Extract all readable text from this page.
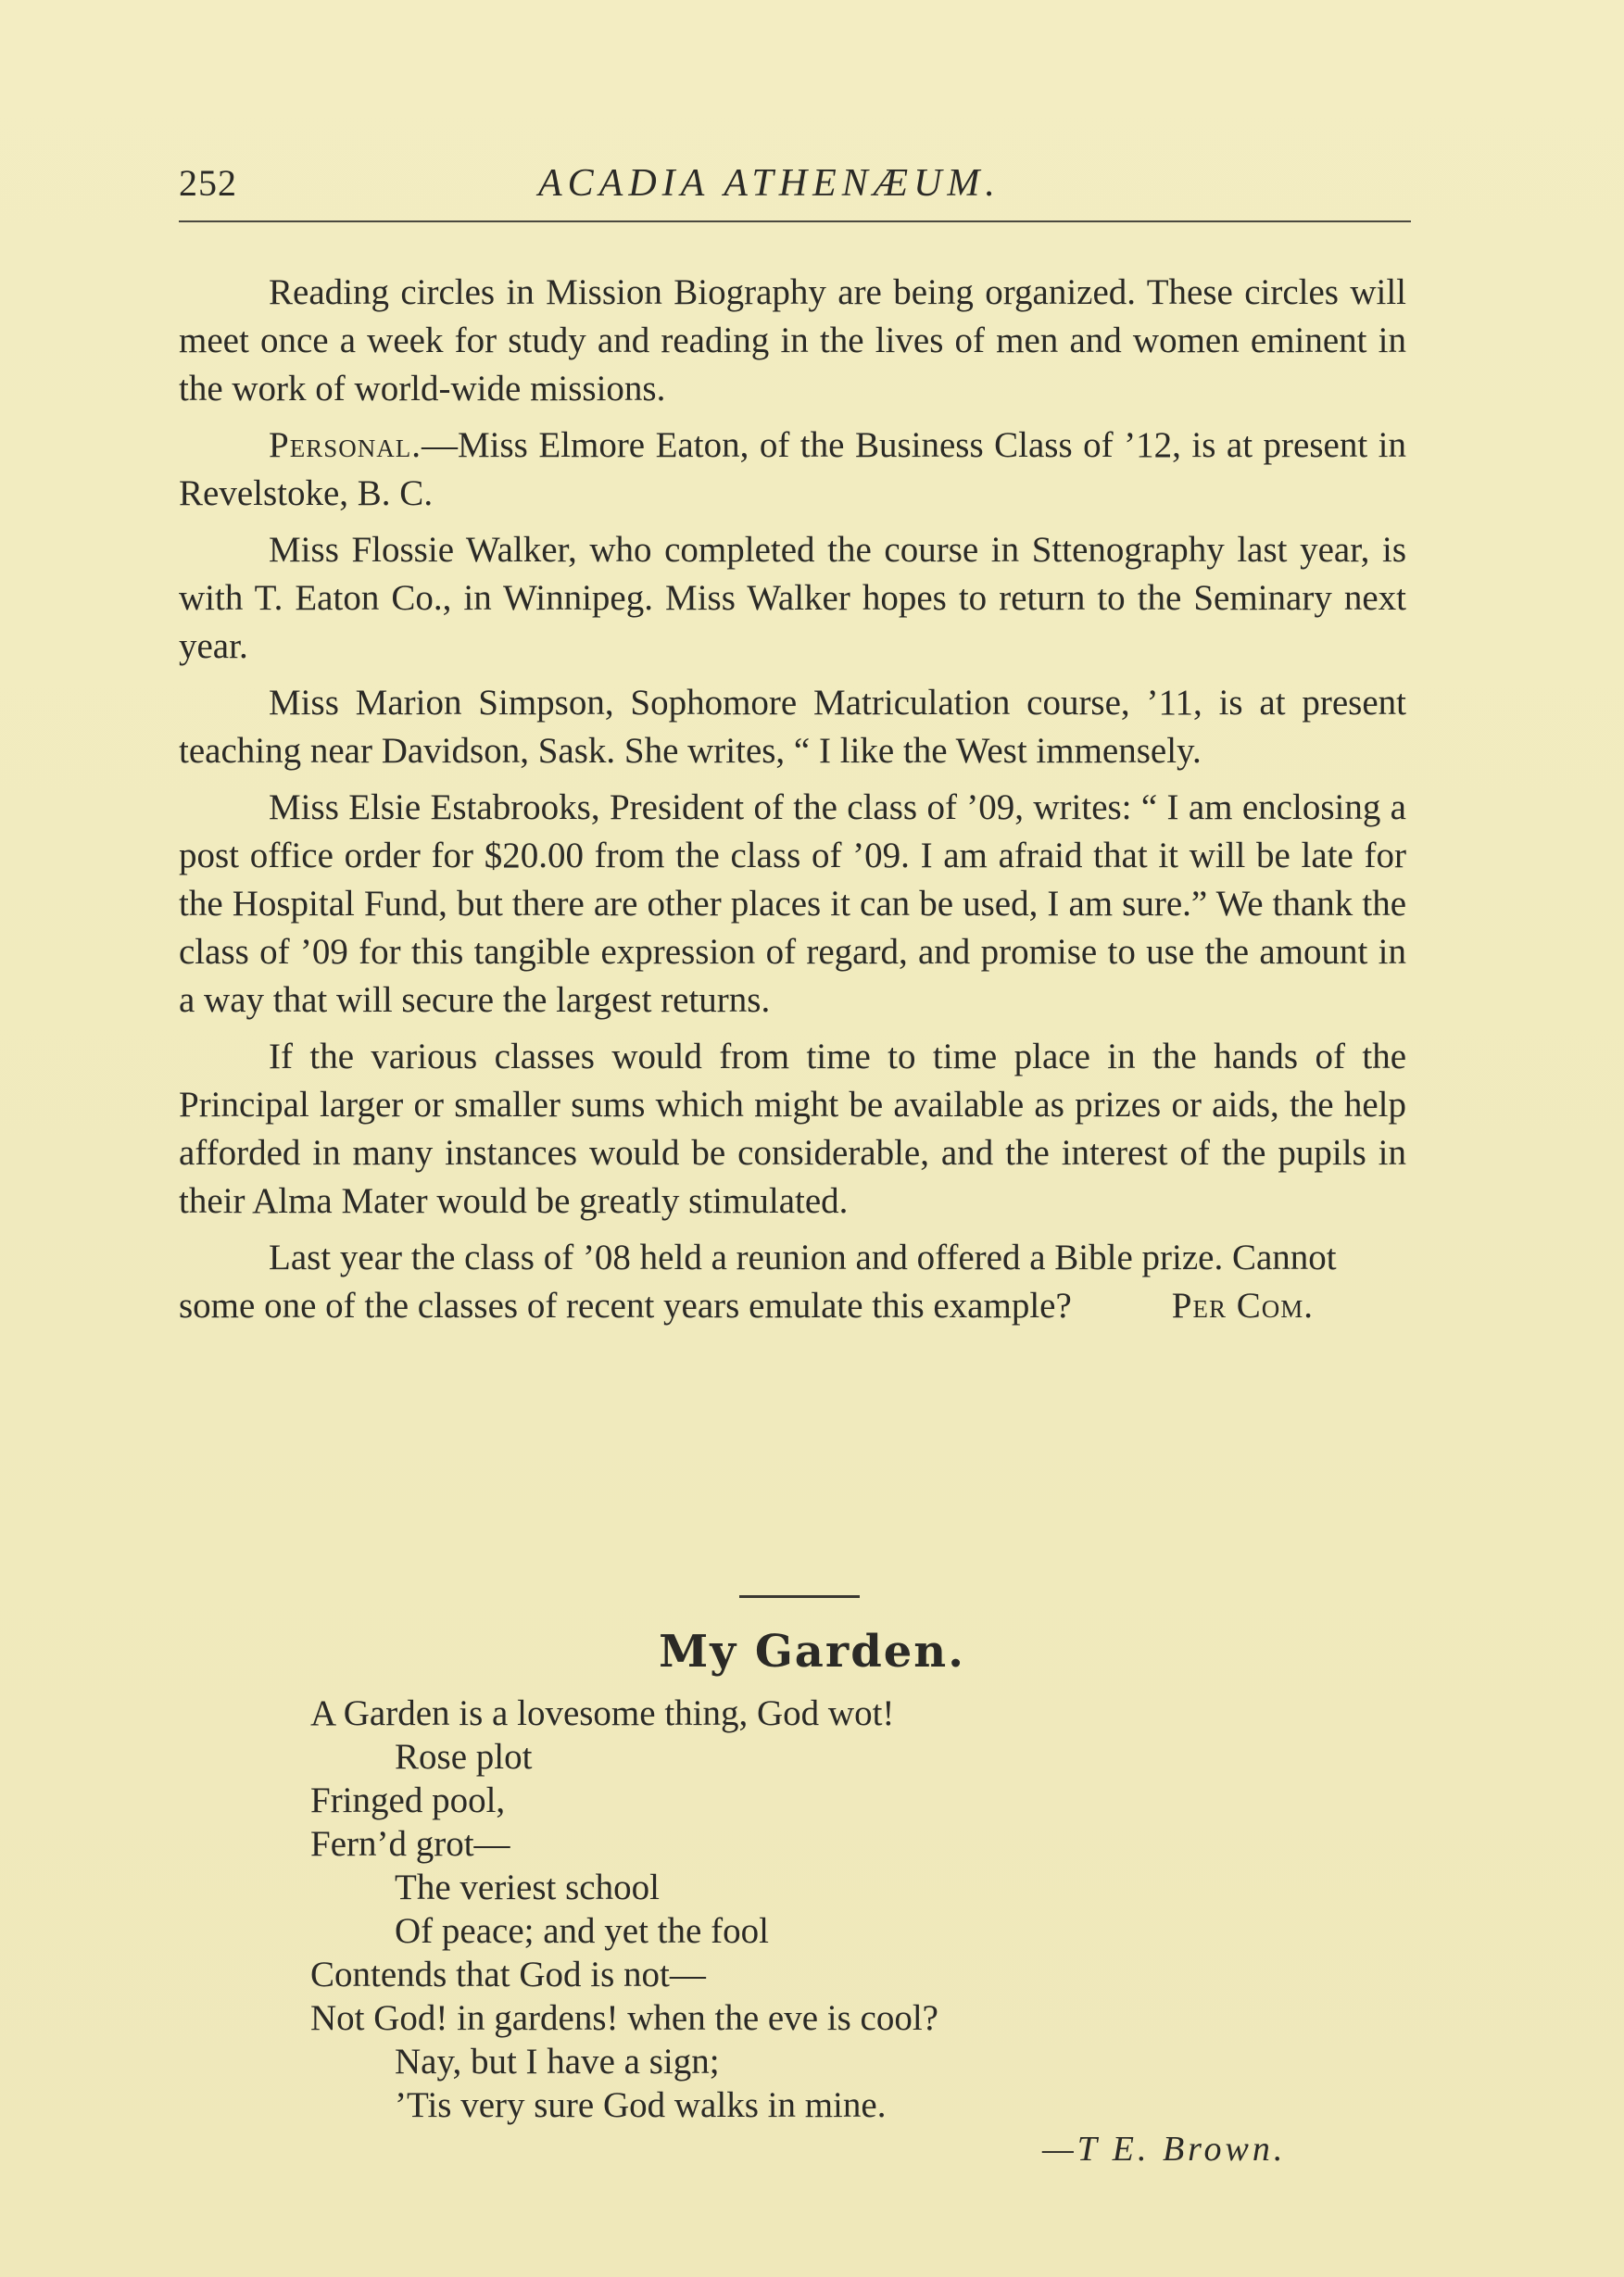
252	ACADIA ATHENÆUM.

Reading circles in Mission Biography are being organized. These circles will meet once a week for study and reading in the lives of men and women eminent in the work of world-wide missions.

Personal.—Miss Elmore Eaton, of the Business Class of ’12, is at present in Revelstoke, B. C.

Miss Flossie Walker, who completed the course in Sttenography last year, is with T. Eaton Co., in Winnipeg. Miss Walker hopes to return to the Seminary next year.

Miss Marion Simpson, Sophomore Matriculation course, ’11, is at present teaching near Davidson, Sask. She writes, “ I like the West immensely.

Miss Elsie Estabrooks, President of the class of ’09, writes: “ I am enclosing a post office order for $20.00 from the class of ’09. I am afraid that it will be late for the Hospital Fund, but there are other places it can be used, I am sure.” We thank the class of ’09 for this tangible expression of regard, and promise to use the amount in a way that will secure the largest returns.

If the various classes would from time to time place in the hands of the Principal larger or smaller sums which might be available as prizes or aids, the help afforded in many instances would be considerable, and the interest of the pupils in their Alma Mater would be greatly stimulated.

Last year the class of ’08 held a reunion and offered a Bible prize. Cannot some one of the classes of recent years emulate this example?	Per Com.

My Garden.
A Garden is a lovesome thing, God wot!
Rose plot
Fringed pool,
Fern’d grot—
The veriest school
Of peace; and yet the fool
Contends that God is not—
Not God! in gardens! when the eve is cool?
Nay, but I have a sign;
’Tis very sure God walks in mine.
—T E. Brown.
